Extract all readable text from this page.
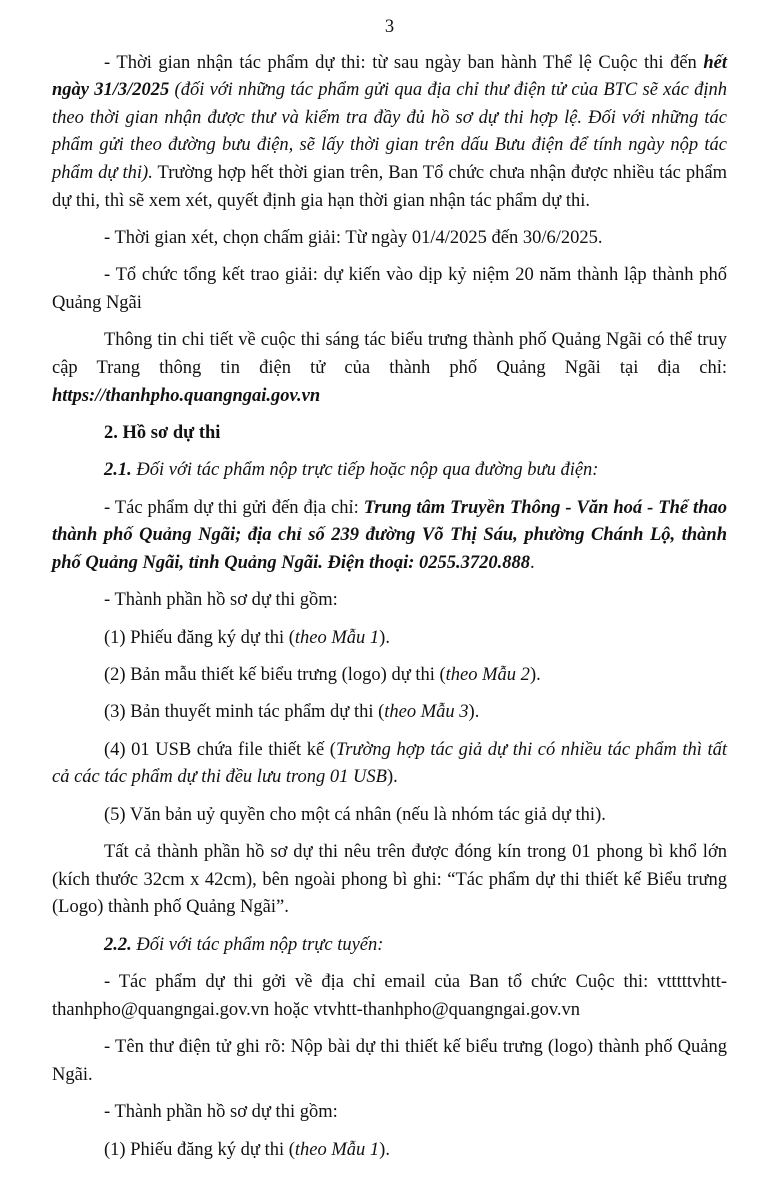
3

- Thời gian nhận tác phẩm dự thi: từ sau ngày ban hành Thể lệ Cuộc thi đến hết ngày 31/3/2025 (đối với những tác phẩm gửi qua địa chỉ thư điện tử của BTC sẽ xác định theo thời gian nhận được thư và kiểm tra đầy đủ hồ sơ dự thi hợp lệ. Đối với những tác phẩm gửi theo đường bưu điện, sẽ lấy thời gian trên dấu Bưu điện để tính ngày nộp tác phẩm dự thi). Trường hợp hết thời gian trên, Ban Tổ chức chưa nhận được nhiều tác phẩm dự thi, thì sẽ xem xét, quyết định gia hạn thời gian nhận tác phẩm dự thi.

- Thời gian xét, chọn chấm giải: Từ ngày 01/4/2025 đến 30/6/2025.

- Tổ chức tổng kết trao giải: dự kiến vào dịp kỷ niệm 20 năm thành lập thành phố Quảng Ngãi

Thông tin chi tiết về cuộc thi sáng tác biểu trưng thành phố Quảng Ngãi có thể truy cập Trang thông tin điện tử của thành phố Quảng Ngãi tại địa chỉ: https://thanhpho.quangngai.gov.vn

2. Hồ sơ dự thi

2.1. Đối với tác phẩm nộp trực tiếp hoặc nộp qua đường bưu điện:

- Tác phẩm dự thi gửi đến địa chỉ: Trung tâm Truyền Thông - Văn hoá - Thể thao thành phố Quảng Ngãi; địa chỉ số 239 đường Võ Thị Sáu, phường Chánh Lộ, thành phố Quảng Ngãi, tỉnh Quảng Ngãi. Điện thoại: 0255.3720.888.

- Thành phần hồ sơ dự thi gồm:

(1) Phiếu đăng ký dự thi (theo Mẫu 1).

(2) Bản mẫu thiết kế biểu trưng (logo) dự thi (theo Mẫu 2).

(3) Bản thuyết minh tác phẩm dự thi (theo Mẫu 3).

(4) 01 USB chứa file thiết kế (Trường hợp tác giả dự thi có nhiều tác phẩm thì tất cả các tác phẩm dự thi đều lưu trong 01 USB).

(5) Văn bản uỷ quyền cho một cá nhân (nếu là nhóm tác giả dự thi).

Tất cả thành phần hồ sơ dự thi nêu trên được đóng kín trong 01 phong bì khổ lớn (kích thước 32cm x 42cm), bên ngoài phong bì ghi: “Tác phẩm dự thi thiết kế Biểu trưng (Logo) thành phố Quảng Ngãi”.

2.2. Đối với tác phẩm nộp trực tuyến:

- Tác phẩm dự thi gởi về địa chỉ email của Ban tổ chức Cuộc thi: vtttttvhtt-thanhpho@quangngai.gov.vn hoặc vtvhtt-thanhpho@quangngai.gov.vn

- Tên thư điện tử ghi rõ: Nộp bài dự thi thiết kế biểu trưng (logo) thành phố Quảng Ngãi.

- Thành phần hồ sơ dự thi gồm:

(1) Phiếu đăng ký dự thi (theo Mẫu 1).
